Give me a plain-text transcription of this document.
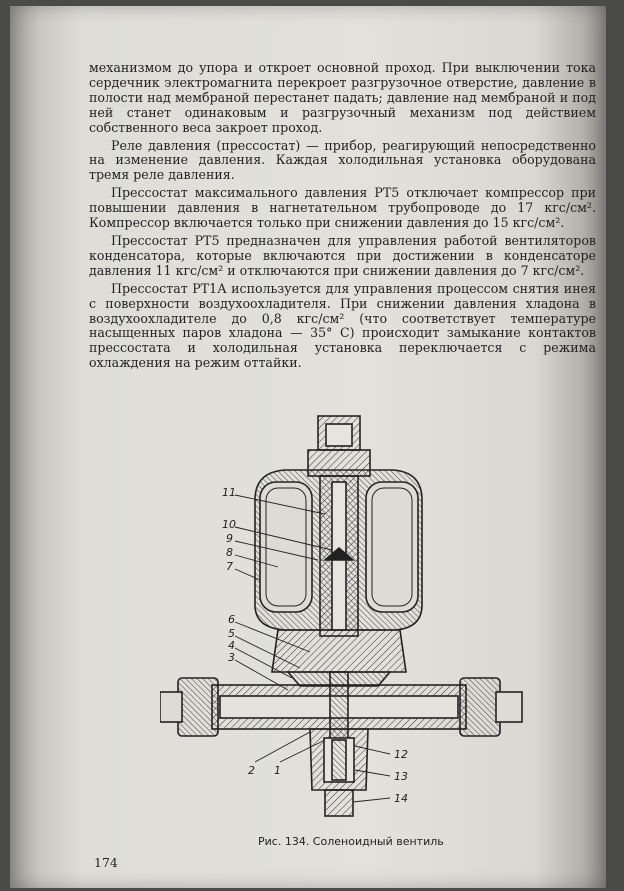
механизмом до упора и откроет основной проход. При выключении тока сердечник электромагнита перекроет разгрузочное отверстие, давление в полости над мембраной перестанет падать; давление над мембраной и под ней станет одинаковым и разгрузочный механизм под действием собственного веса закроет проход.

Реле давления (прессостат) — прибор, реагирующий непосредственно на изменение давления. Каждая холодильная установка оборудована тремя реле давления.

Прессостат максимального давления РТ5 отключает компрессор при повышении давления в нагнетательном трубопроводе до 17 кгс/см². Компрессор включается только при снижении давления до 15 кгс/см².

Прессостат РТ5 предназначен для управления работой вентиляторов конденсатора, которые включаются при достижении в конденсаторе давления 11 кгс/см² и отключаются при снижении давления до 7 кгс/см².

Прессостат РТ1А используется для управления процессом снятия инея с поверхности воздухоохладителя. При снижении давления хладона в воздухоохладителе до 0,8 кгс/см² (что соответствует температуре насыщенных паров хладона — 35° С) происходит замыкание контактов прессостата и холодильная установка переключается с режима охлаждения на режим оттайки.

11
10
9
8
7
6
5
4
3
2 1
12
13
14
Рис. 134. Соленоидный вентиль
174
